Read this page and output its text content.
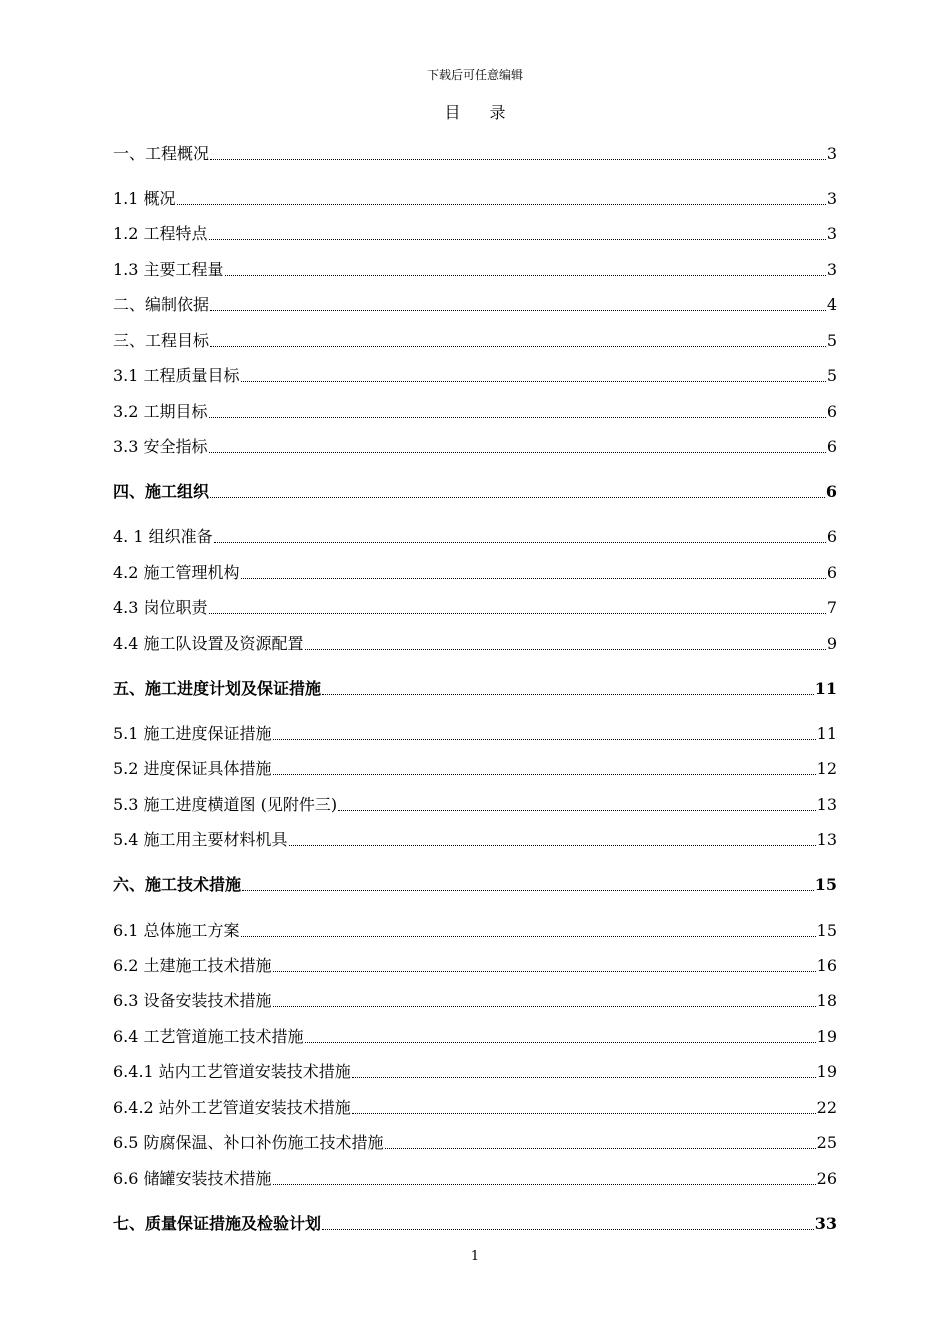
下载后可任意编辑
目 录
一、工程概况	3
1.1 概况	3
1.2 工程特点	3
1.3 主要工程量	3
二、编制依据	4
三、工程目标	5
3.1 工程质量目标	5
3.2 工期目标	6
3.3 安全指标	6
四、施工组织	6
4. 1 组织准备	6
4.2 施工管理机构	6
4.3 岗位职责	7
4.4 施工队设置及资源配置	9
五、施工进度计划及保证措施	11
5.1 施工进度保证措施	11
5.2 进度保证具体措施	12
5.3 施工进度横道图 (见附件三)	13
5.4 施工用主要材料机具	13
六、施工技术措施	15
6.1 总体施工方案	15
6.2 土建施工技术措施	16
6.3 设备安装技术措施	18
6.4 工艺管道施工技术措施	19
6.4.1 站内工艺管道安装技术措施	19
6.4.2 站外工艺管道安装技术措施	22
6.5 防腐保温、补口补伤施工技术措施	25
6.6 储罐安装技术措施	26
七、质量保证措施及检验计划	33
1
